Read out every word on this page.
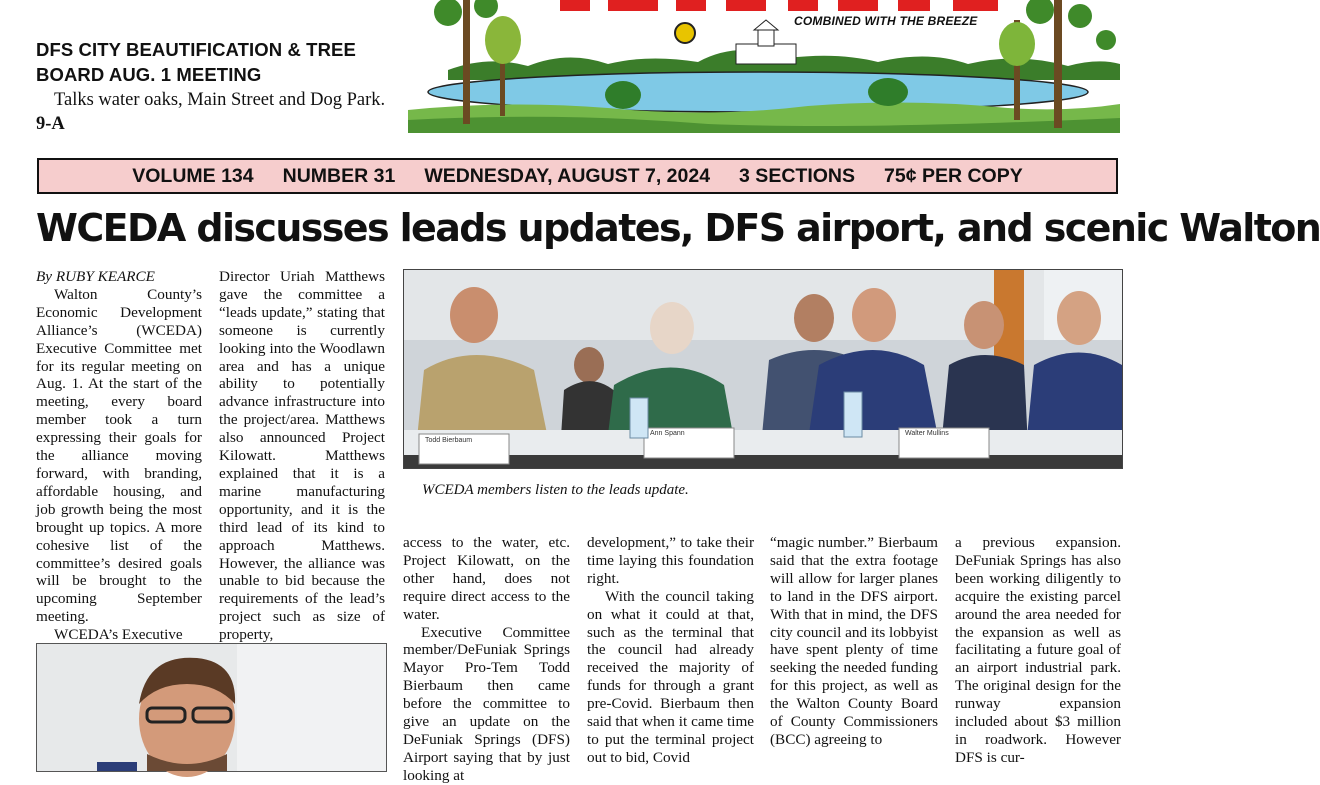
DFS CITY BEAUTIFICATION & TREE BOARD AUG. 1 MEETING
Talks water oaks, Main Street and Dog Park. 9-A
COMBINED WITH THE BREEZE
VOLUME 134 NUMBER 31 WEDNESDAY, AUGUST 7, 2024 3 SECTIONS 75¢ PER COPY
WCEDA discusses leads updates, DFS airport, and scenic Walton

By RUBY KEARCE

Walton County’s Economic Development Alliance’s (WCEDA) Executive Committee met for its regular meeting on Aug. 1. At the start of the meeting, every board member took a turn expressing their goals for the alliance moving forward, with branding, affordable housing, and job growth being the most brought up topics. A more cohesive list of the committee’s desired goals will be brought to the upcoming September meeting.

WCEDA’s Executive

Director Uriah Matthews gave the committee a “leads update,” stating that someone is currently looking into the Woodlawn area and has a unique ability to potentially advance infrastructure into the project/area. Matthews also announced Project Kilowatt. Matthews explained that it is a marine manufacturing opportunity, and it is the third lead of its kind to approach Matthews. However, the alliance was unable to bid because the requirements of the lead’s project such as size of property,

Todd Bierbaum
Ann Spann	Walter Mullins
WCEDA members listen to the leads update.

access to the water, etc. Project Kilowatt, on the other hand, does not require direct access to the water.

Executive Committee member/DeFuniak Springs Mayor Pro-Tem Todd Bierbaum then came before the committee to give an update on the DeFuniak Springs (DFS) Airport saying that by just looking at

development,” to take their time laying this foundation right.

With the council taking on what it could at that, such as the terminal that the council had already received the majority of funds for through a grant pre-Covid. Bierbaum then said that when it came time to put the terminal project out to bid, Covid

“magic number.” Bierbaum said that the extra footage will allow for larger planes to land in the DFS airport. With that in mind, the DFS city council and its lobbyist have spent plenty of time seeking the needed funding for this project, as well as the Walton County Board of County Commissioners (BCC) agreeing to

a previous expansion. DeFuniak Springs has also been working diligently to acquire the existing parcel around the area needed for the expansion as well as facilitating a future goal of an airport industrial park. The original design for the runway expansion included about $3 million in roadwork. However DFS is cur-
